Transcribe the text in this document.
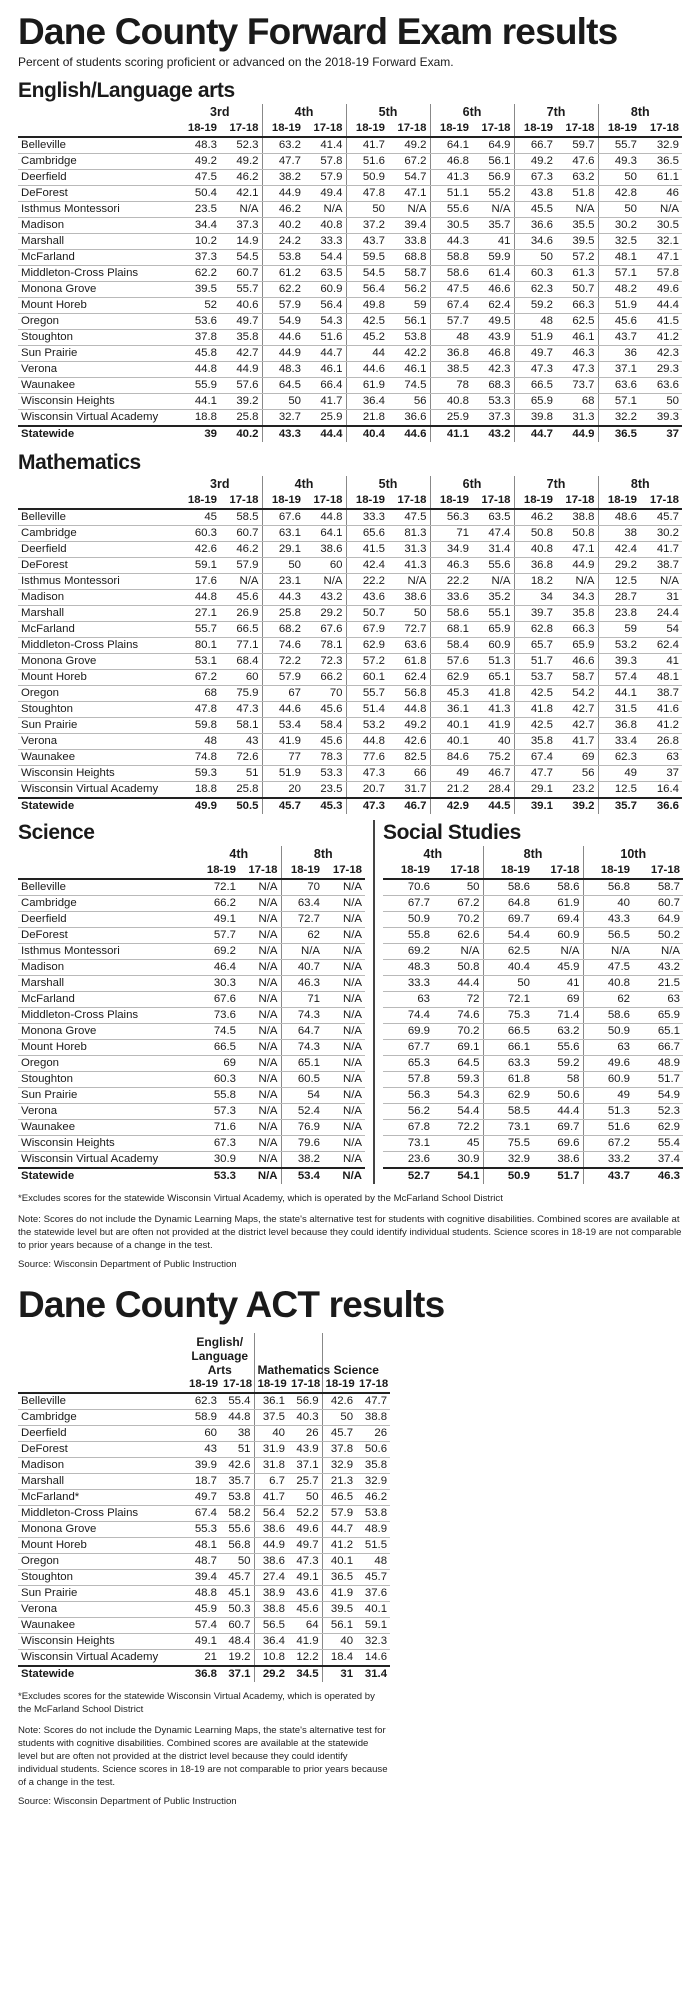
Dane County Forward Exam results
Percent of students scoring proficient or advanced on the 2018-19 Forward Exam.
English/Language arts
	3rd		4th		5th		6th		7th		8th	
	18-19	17-18	18-19	17-18	18-19	17-18	18-19	17-18	18-19	17-18	18-19	17-18
Belleville	48.3	52.3	63.2	41.4	41.7	49.2	64.1	64.9	66.7	59.7	55.7	32.9
Cambridge	49.2	49.2	47.7	57.8	51.6	67.2	46.8	56.1	49.2	47.6	49.3	36.5
Deerfield	47.5	46.2	38.2	57.9	50.9	54.7	41.3	56.9	67.3	63.2	50	61.1
DeForest	50.4	42.1	44.9	49.4	47.8	47.1	51.1	55.2	43.8	51.8	42.8	46
Isthmus Montessori	23.5	N/A	46.2	N/A	50	N/A	55.6	N/A	45.5	N/A	50	N/A
Madison	34.4	37.3	40.2	40.8	37.2	39.4	30.5	35.7	36.6	35.5	30.2	30.5
Marshall	10.2	14.9	24.2	33.3	43.7	33.8	44.3	41	34.6	39.5	32.5	32.1
McFarland	37.3	54.5	53.8	54.4	59.5	68.8	58.8	59.9	50	57.2	48.1	47.1
Middleton-Cross Plains	62.2	60.7	61.2	63.5	54.5	58.7	58.6	61.4	60.3	61.3	57.1	57.8
Monona Grove	39.5	55.7	62.2	60.9	56.4	56.2	47.5	46.6	62.3	50.7	48.2	49.6
Mount Horeb	52	40.6	57.9	56.4	49.8	59	67.4	62.4	59.2	66.3	51.9	44.4
Oregon	53.6	49.7	54.9	54.3	42.5	56.1	57.7	49.5	48	62.5	45.6	41.5
Stoughton	37.8	35.8	44.6	51.6	45.2	53.8	48	43.9	51.9	46.1	43.7	41.2
Sun Prairie	45.8	42.7	44.9	44.7	44	42.2	36.8	46.8	49.7	46.3	36	42.3
Verona	44.8	44.9	48.3	46.1	44.6	46.1	38.5	42.3	47.3	47.3	37.1	29.3
Waunakee	55.9	57.6	64.5	66.4	61.9	74.5	78	68.3	66.5	73.7	63.6	63.6
Wisconsin Heights	44.1	39.2	50	41.7	36.4	56	40.8	53.3	65.9	68	57.1	50
Wisconsin Virtual Academy	18.8	25.8	32.7	25.9	21.8	36.6	25.9	37.3	39.8	31.3	32.2	39.3
Statewide	39	40.2	43.3	44.4	40.4	44.6	41.1	43.2	44.7	44.9	36.5	37
Mathematics
	3rd		4th		5th		6th		7th		8th	
	18-19	17-18	18-19	17-18	18-19	17-18	18-19	17-18	18-19	17-18	18-19	17-18
Belleville	45	58.5	67.6	44.8	33.3	47.5	56.3	63.5	46.2	38.8	48.6	45.7
Cambridge	60.3	60.7	63.1	64.1	65.6	81.3	71	47.4	50.8	50.8	38	30.2
Deerfield	42.6	46.2	29.1	38.6	41.5	31.3	34.9	31.4	40.8	47.1	42.4	41.7
DeForest	59.1	57.9	50	60	42.4	41.3	46.3	55.6	36.8	44.9	29.2	38.7
Isthmus Montessori	17.6	N/A	23.1	N/A	22.2	N/A	22.2	N/A	18.2	N/A	12.5	N/A
Madison	44.8	45.6	44.3	43.2	43.6	38.6	33.6	35.2	34	34.3	28.7	31
Marshall	27.1	26.9	25.8	29.2	50.7	50	58.6	55.1	39.7	35.8	23.8	24.4
McFarland	55.7	66.5	68.2	67.6	67.9	72.7	68.1	65.9	62.8	66.3	59	54
Middleton-Cross Plains	80.1	77.1	74.6	78.1	62.9	63.6	58.4	60.9	65.7	65.9	53.2	62.4
Monona Grove	53.1	68.4	72.2	72.3	57.2	61.8	57.6	51.3	51.7	46.6	39.3	41
Mount Horeb	67.2	60	57.9	66.2	60.1	62.4	62.9	65.1	53.7	58.7	57.4	48.1
Oregon	68	75.9	67	70	55.7	56.8	45.3	41.8	42.5	54.2	44.1	38.7
Stoughton	47.8	47.3	44.6	45.6	51.4	44.8	36.1	41.3	41.8	42.7	31.5	41.6
Sun Prairie	59.8	58.1	53.4	58.4	53.2	49.2	40.1	41.9	42.5	42.7	36.8	41.2
Verona	48	43	41.9	45.6	44.8	42.6	40.1	40	35.8	41.7	33.4	26.8
Waunakee	74.8	72.6	77	78.3	77.6	82.5	84.6	75.2	67.4	69	62.3	63
Wisconsin Heights	59.3	51	51.9	53.3	47.3	66	49	46.7	47.7	56	49	37
Wisconsin Virtual Academy	18.8	25.8	20	23.5	20.7	31.7	21.2	28.4	29.1	23.2	12.5	16.4
Statewide	49.9	50.5	45.7	45.3	47.3	46.7	42.9	44.5	39.1	39.2	35.7	36.6
Science
	4th		8th	
	18-19	17-18	18-19	17-18
Belleville	72.1	N/A	70	N/A
Cambridge	66.2	N/A	63.4	N/A
Deerfield	49.1	N/A	72.7	N/A
DeForest	57.7	N/A	62	N/A
Isthmus Montessori	69.2	N/A	N/A	N/A
Madison	46.4	N/A	40.7	N/A
Marshall	30.3	N/A	46.3	N/A
McFarland	67.6	N/A	71	N/A
Middleton-Cross Plains	73.6	N/A	74.3	N/A
Monona Grove	74.5	N/A	64.7	N/A
Mount Horeb	66.5	N/A	74.3	N/A
Oregon	69	N/A	65.1	N/A
Stoughton	60.3	N/A	60.5	N/A
Sun Prairie	55.8	N/A	54	N/A
Verona	57.3	N/A	52.4	N/A
Waunakee	71.6	N/A	76.9	N/A
Wisconsin Heights	67.3	N/A	79.6	N/A
Wisconsin Virtual Academy	30.9	N/A	38.2	N/A
Statewide	53.3	N/A	53.4	N/A
Social Studies
4th		8th		10th	
18-19	17-18	18-19	17-18	18-19	17-18
70.6	50	58.6	58.6	56.8	58.7
67.7	67.2	64.8	61.9	40	60.7
50.9	70.2	69.7	69.4	43.3	64.9
55.8	62.6	54.4	60.9	56.5	50.2
69.2	N/A	62.5	N/A	N/A	N/A
48.3	50.8	40.4	45.9	47.5	43.2
33.3	44.4	50	41	40.8	21.5
63	72	72.1	69	62	63
74.4	74.6	75.3	71.4	58.6	65.9
69.9	70.2	66.5	63.2	50.9	65.1
67.7	69.1	66.1	55.6	63	66.7
65.3	64.5	63.3	59.2	49.6	48.9
57.8	59.3	61.8	58	60.9	51.7
56.3	54.3	62.9	50.6	49	54.9
56.2	54.4	58.5	44.4	51.3	52.3
67.8	72.2	73.1	69.7	51.6	62.9
73.1	45	75.5	69.6	67.2	55.4
23.6	30.9	32.9	38.6	33.2	37.4
52.7	54.1	50.9	51.7	43.7	46.3
*Excludes scores for the statewide Wisconsin Virtual Academy, which is operated by the McFarland School District
Note: Scores do not include the Dynamic Learning Maps, the state's alternative test for students with cognitive disabilities. Combined scores are available at the statewide level but are often not provided at the district level because they could identify individual students. Science scores in 18-19 are not comparable to prior years because of a change in the test.
Source: Wisconsin Department of Public Instruction
Dane County ACT results
	English/ Language Arts		Mathematics		Science	
	18-19	17-18	18-19	17-18	18-19	17-18
Belleville	62.3	55.4	36.1	56.9	42.6	47.7
Cambridge	58.9	44.8	37.5	40.3	50	38.8
Deerfield	60	38	40	26	45.7	26
DeForest	43	51	31.9	43.9	37.8	50.6
Madison	39.9	42.6	31.8	37.1	32.9	35.8
Marshall	18.7	35.7	6.7	25.7	21.3	32.9
McFarland*	49.7	53.8	41.7	50	46.5	46.2
Middleton-Cross Plains	67.4	58.2	56.4	52.2	57.9	53.8
Monona Grove	55.3	55.6	38.6	49.6	44.7	48.9
Mount Horeb	48.1	56.8	44.9	49.7	41.2	51.5
Oregon	48.7	50	38.6	47.3	40.1	48
Stoughton	39.4	45.7	27.4	49.1	36.5	45.7
Sun Prairie	48.8	45.1	38.9	43.6	41.9	37.6
Verona	45.9	50.3	38.8	45.6	39.5	40.1
Waunakee	57.4	60.7	56.5	64	56.1	59.1
Wisconsin Heights	49.1	48.4	36.4	41.9	40	32.3
Wisconsin Virtual Academy	21	19.2	10.8	12.2	18.4	14.6
Statewide	36.8	37.1	29.2	34.5	31	31.4
*Excludes scores for the statewide Wisconsin Virtual Academy, which is operated by the McFarland School District
Note: Scores do not include the Dynamic Learning Maps, the state's alternative test for students with cognitive disabilities. Combined scores are available at the statewide level but are often not provided at the district level because they could identify individual students. Science scores in 18-19 are not comparable to prior years because of a change in the test.
Source: Wisconsin Department of Public Instruction
